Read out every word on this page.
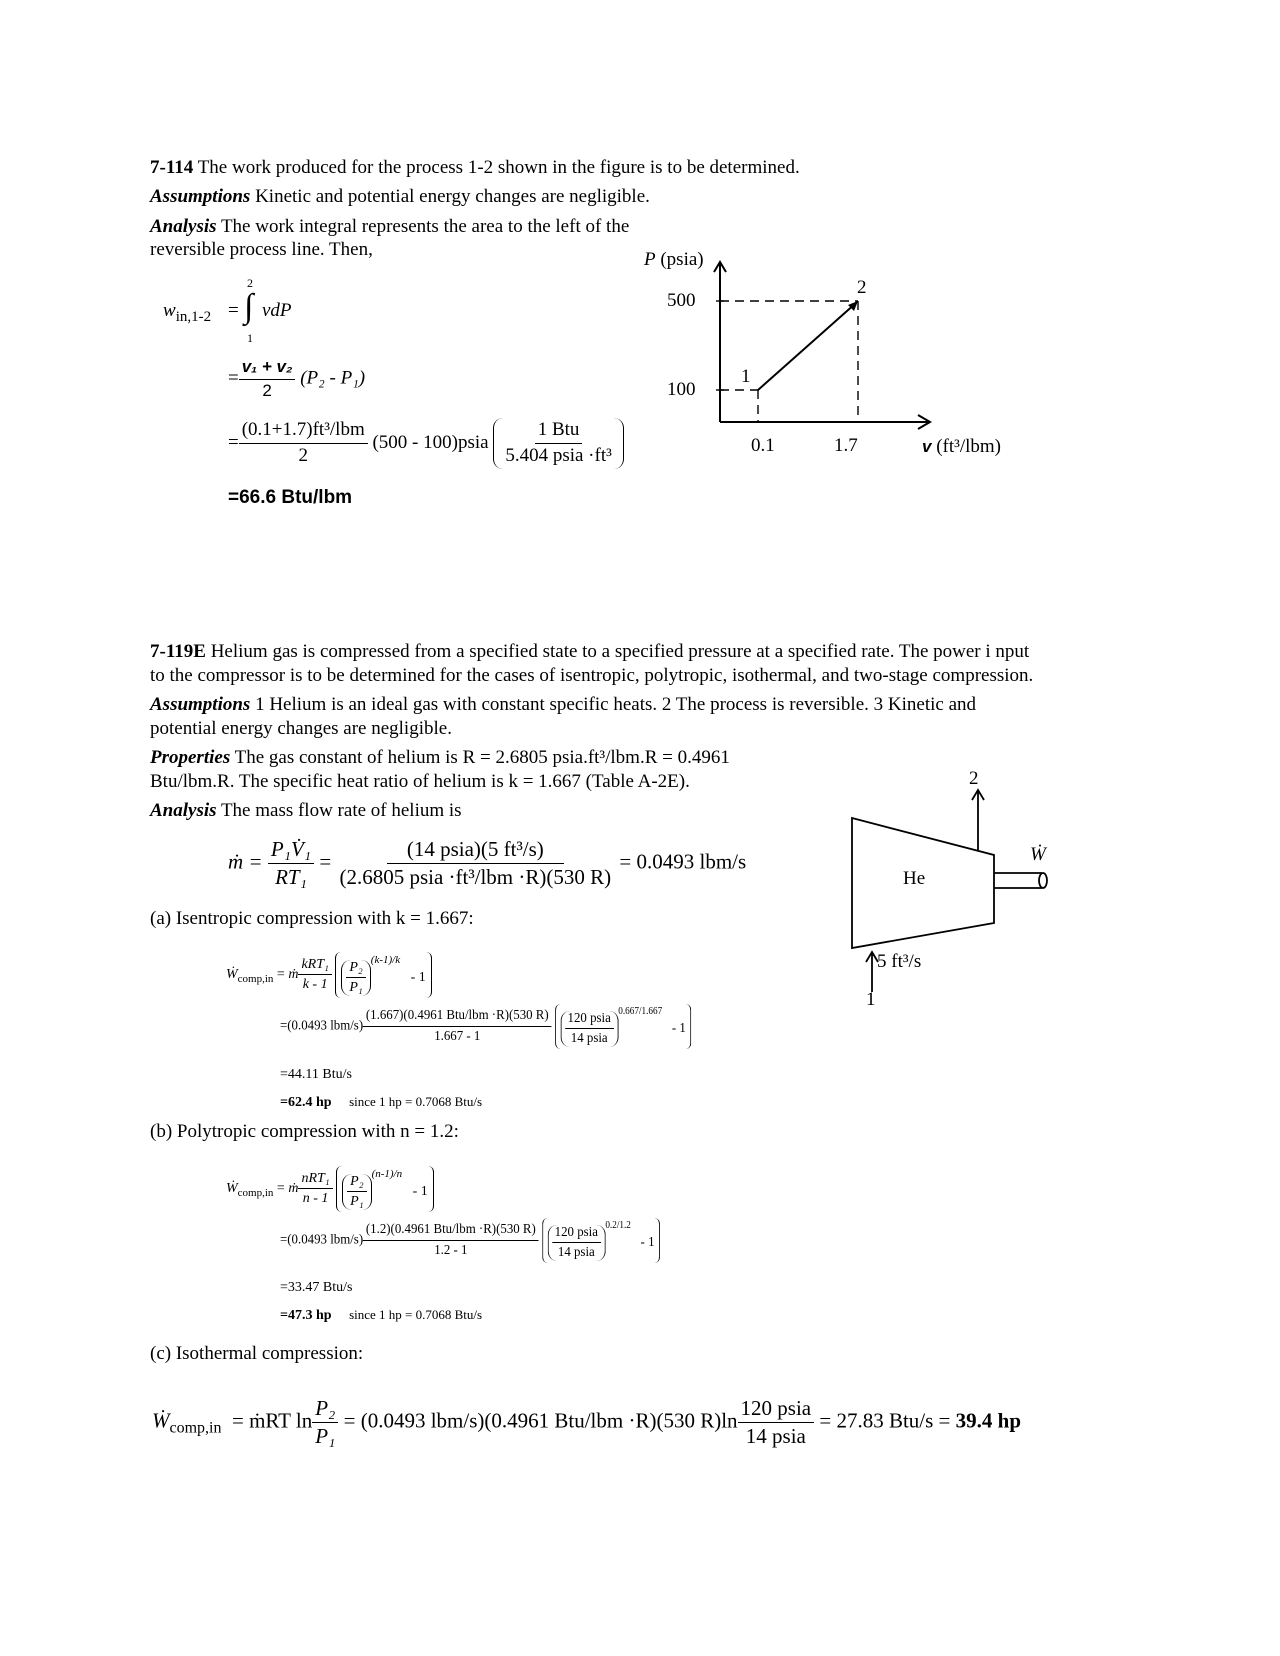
7-114 The work produced for the process 1-2 shown in the figure is to be determined.
Assumptions Kinetic and potential energy changes are negligible.
Analysis The work integral represents the area to the left of the
reversible process line. Then,
$w_{in,1-2}$ =
2
∫
1
vdP
= $\frac{\text{v₁ + v₂}}{2} (P_2 - P_1)$
= $\frac{\text{(0.1+1.7)ft³/lbm}}{2} (500$ - 100)psia $\frac{\text{1 Btu}}{\text{5.404 psia ·ft³}}$
=66.6 Btu/lbm
P (psia)
500
100
0.1	1.7
1
2
v (ft³/lbm)
7-119E Helium gas is compressed from a specified state to a specified pressure at a specified rate. The power i nput
to the compressor is to be determined for the cases of isentropic, polytropic, isothermal, and two-stage compression.
Assumptions 1 Helium is an ideal gas with constant specific heats. 2 The process is reversible. 3 Kinetic and
potential energy changes are negligible.
Properties The gas constant of helium is R = 2.6805 psia.ft³/lbm.R = 0.4961
Btu/lbm.R. The specific heat ratio of helium is k = 1.667 (Table A-2E).
Analysis The mass flow rate of helium is
ṁ = $\frac{\text{P₁V̇₁}}{\text{RT₁}} = \frac{\text{(14 psia)(5 ft³/s)}}{\text{(2.6805 psia ·ft³/lbm ·R)(530 R)}} = 0.0493$ lbm/s
He
Ẇ
5 ft³/s
1
2
(a) Isentropic compression with k = 1.667:
Ẇ$_{comp,in}$ = ṁ $\frac{\text{kRT₁}}{k - 1}$
$\frac{\text{P₂}}{\text{P₁}} ^{(k-1)/k} - 1$
=(0.0493 $lbm/s) \frac{\text{(1.667)(0.4961 Btu/lbm ·R)(530 R)}}{1.667 - 1}$
$\frac{\text{120 psia}}{\text{14 psia}} ^{0.667/1.667} - 1$
=44.11 Btu/s
=62.4 hp since 1 hp = 0.7068 Btu/s
(b) Polytropic compression with n = 1.2:
Ẇ$_{comp,in}$ = ṁ $\frac{\text{nRT₁}}{n - 1}$
$\frac{\text{P₂}}{\text{P₁}} ^{(n-1)/n} - 1$
=(0.0493 $lbm/s) \frac{\text{(1.2)(0.4961 Btu/lbm ·R)(530 R)}}{1.2 - 1}$
$\frac{\text{120 psia}}{\text{14 psia}} ^{0.2/1.2} - 1$
=33.47 Btu/s
=47.3 hp since 1 hp = 0.7068 Btu/s
(c) Isothermal compression:
$Ẇ_{comp,in}$ = ṁRT $\ln \frac{\text{P₂}}{\text{P₁}} = (0.0493$ lbm/s)(0.4961 Btu/lbm ·R)(530 $R)\ln \frac{\text{120 psia}}{\text{14 psia}} = 27.83$ Btu/s = 39.4 hp
